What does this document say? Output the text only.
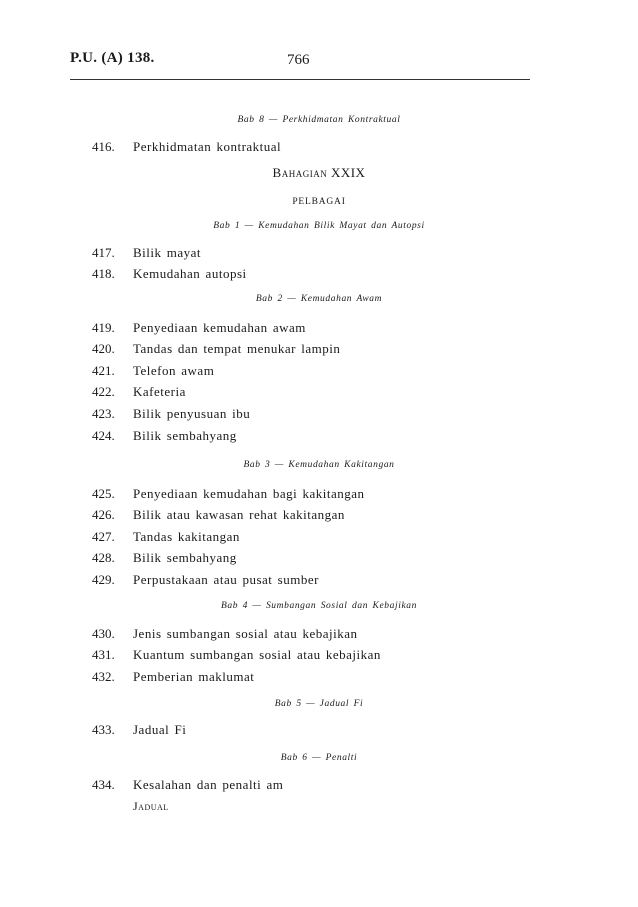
P.U. (A) 138.	766
Bab 8 — Perkhidmatan Kontraktual
416. Perkhidmatan kontraktual
Bahagian XXIX
PELBAGAI
Bab 1 — Kemudahan Bilik Mayat dan Autopsi
417. Bilik mayat
418. Kemudahan autopsi
Bab 2 — Kemudahan Awam
419. Penyediaan kemudahan awam
420. Tandas dan tempat menukar lampin
421. Telefon awam
422. Kafeteria
423. Bilik penyusuan ibu
424. Bilik sembahyang
Bab 3 — Kemudahan Kakitangan
425. Penyediaan kemudahan bagi kakitangan
426. Bilik atau kawasan rehat kakitangan
427. Tandas kakitangan
428. Bilik sembahyang
429. Perpustakaan atau pusat sumber
Bab 4 — Sumbangan Sosial dan Kebajikan
430. Jenis sumbangan sosial atau kebajikan
431. Kuantum sumbangan sosial atau kebajikan
432. Pemberian maklumat
Bab 5 — Jadual Fi
433. Jadual Fi
Bab 6 — Penalti
434. Kesalahan dan penalti am
Jadual
